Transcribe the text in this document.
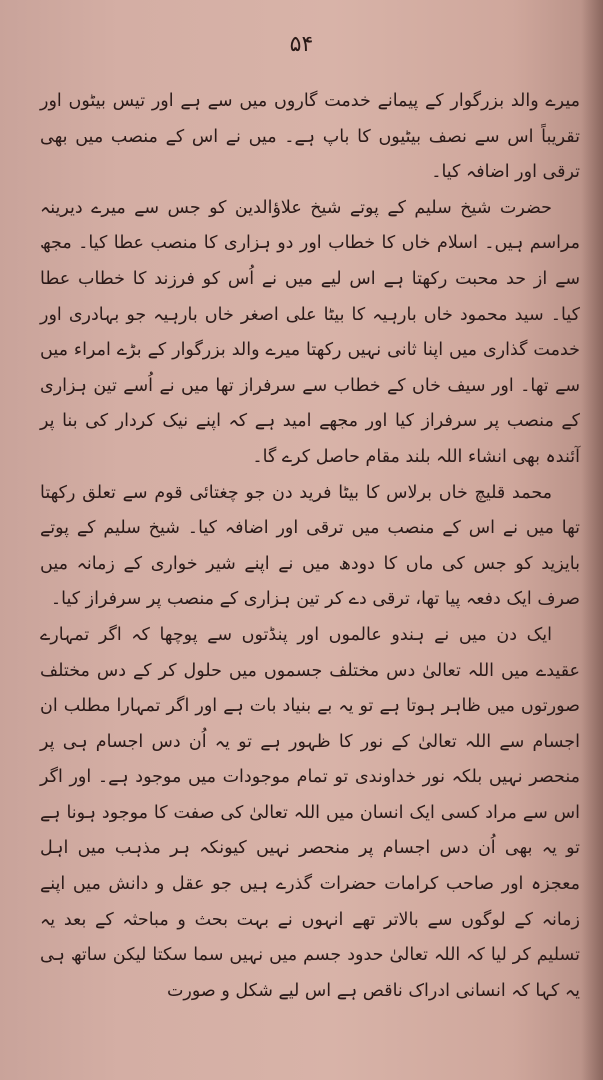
۵۴

میرے والد بزرگوار کے پیمانے خدمت گاروں میں سے ہے اور تیس بیٹوں اور تقریباً اس سے نصف بیٹیوں کا باپ ہے۔ میں نے اس کے منصب میں بھی ترقی اور اضافہ کیا۔

حضرت شیخ سلیم کے پوتے شیخ علاؤالدین کو جس سے میرے دیرینہ مراسم ہیں۔ اسلام خاں کا خطاب اور دو ہزاری کا منصب عطا کیا۔ مجھ سے از حد محبت رکھتا ہے اس لیے میں نے اُس کو فرزند کا خطاب عطا کیا۔ سید محمود خاں بارہیہ کا بیٹا علی اصغر خاں بارہیہ جو بہادری اور خدمت گذاری میں اپنا ثانی نہیں رکھتا میرے والد بزرگوار کے بڑے امراء میں سے تھا۔ اور سیف خاں کے خطاب سے سرفراز تھا میں نے اُسے تین ہزاری کے منصب پر سرفراز کیا اور مجھے امید ہے کہ اپنے نیک کردار کی بنا پر آئندہ بھی انشاء اللہ بلند مقام حاصل کرے گا۔

محمد قلیچ خاں برلاس کا بیٹا فرید دن جو چغتائی قوم سے تعلق رکھتا تھا میں نے اس کے منصب میں ترقی اور اضافہ کیا۔ شیخ سلیم کے پوتے بایزید کو جس کی ماں کا دودھ میں نے اپنے شیر خواری کے زمانہ میں صرف ایک دفعہ پیا تھا، ترقی دے کر تین ہزاری کے منصب پر سرفراز کیا۔

ایک دن میں نے ہندو عالموں اور پنڈتوں سے پوچھا کہ اگر تمہارے عقیدے میں اللہ تعالیٰ دس مختلف جسموں میں حلول کر کے دس مختلف صورتوں میں ظاہر ہوتا ہے تو یہ بے بنیاد بات ہے اور اگر تمہارا مطلب ان اجسام سے اللہ تعالیٰ کے نور کا ظہور ہے تو یہ اُن دس اجسام ہی پر منحصر نہیں بلکہ نور خداوندی تو تمام موجودات میں موجود ہے۔ اور اگر اس سے مراد کسی ایک انسان میں اللہ تعالیٰ کی صفت کا موجود ہونا ہے تو یہ بھی اُن دس اجسام پر منحصر نہیں کیونکہ ہر مذہب میں اہل معجزہ اور صاحب کرامات حضرات گذرے ہیں جو عقل و دانش میں اپنے زمانہ کے لوگوں سے بالاتر تھے انہوں نے بہت بحث و مباحثہ کے بعد یہ تسلیم کر لیا کہ اللہ تعالیٰ حدود جسم میں نہیں سما سکتا لیکن ساتھ ہی یہ کہا کہ انسانی ادراک ناقص ہے اس لیے شکل و صورت
